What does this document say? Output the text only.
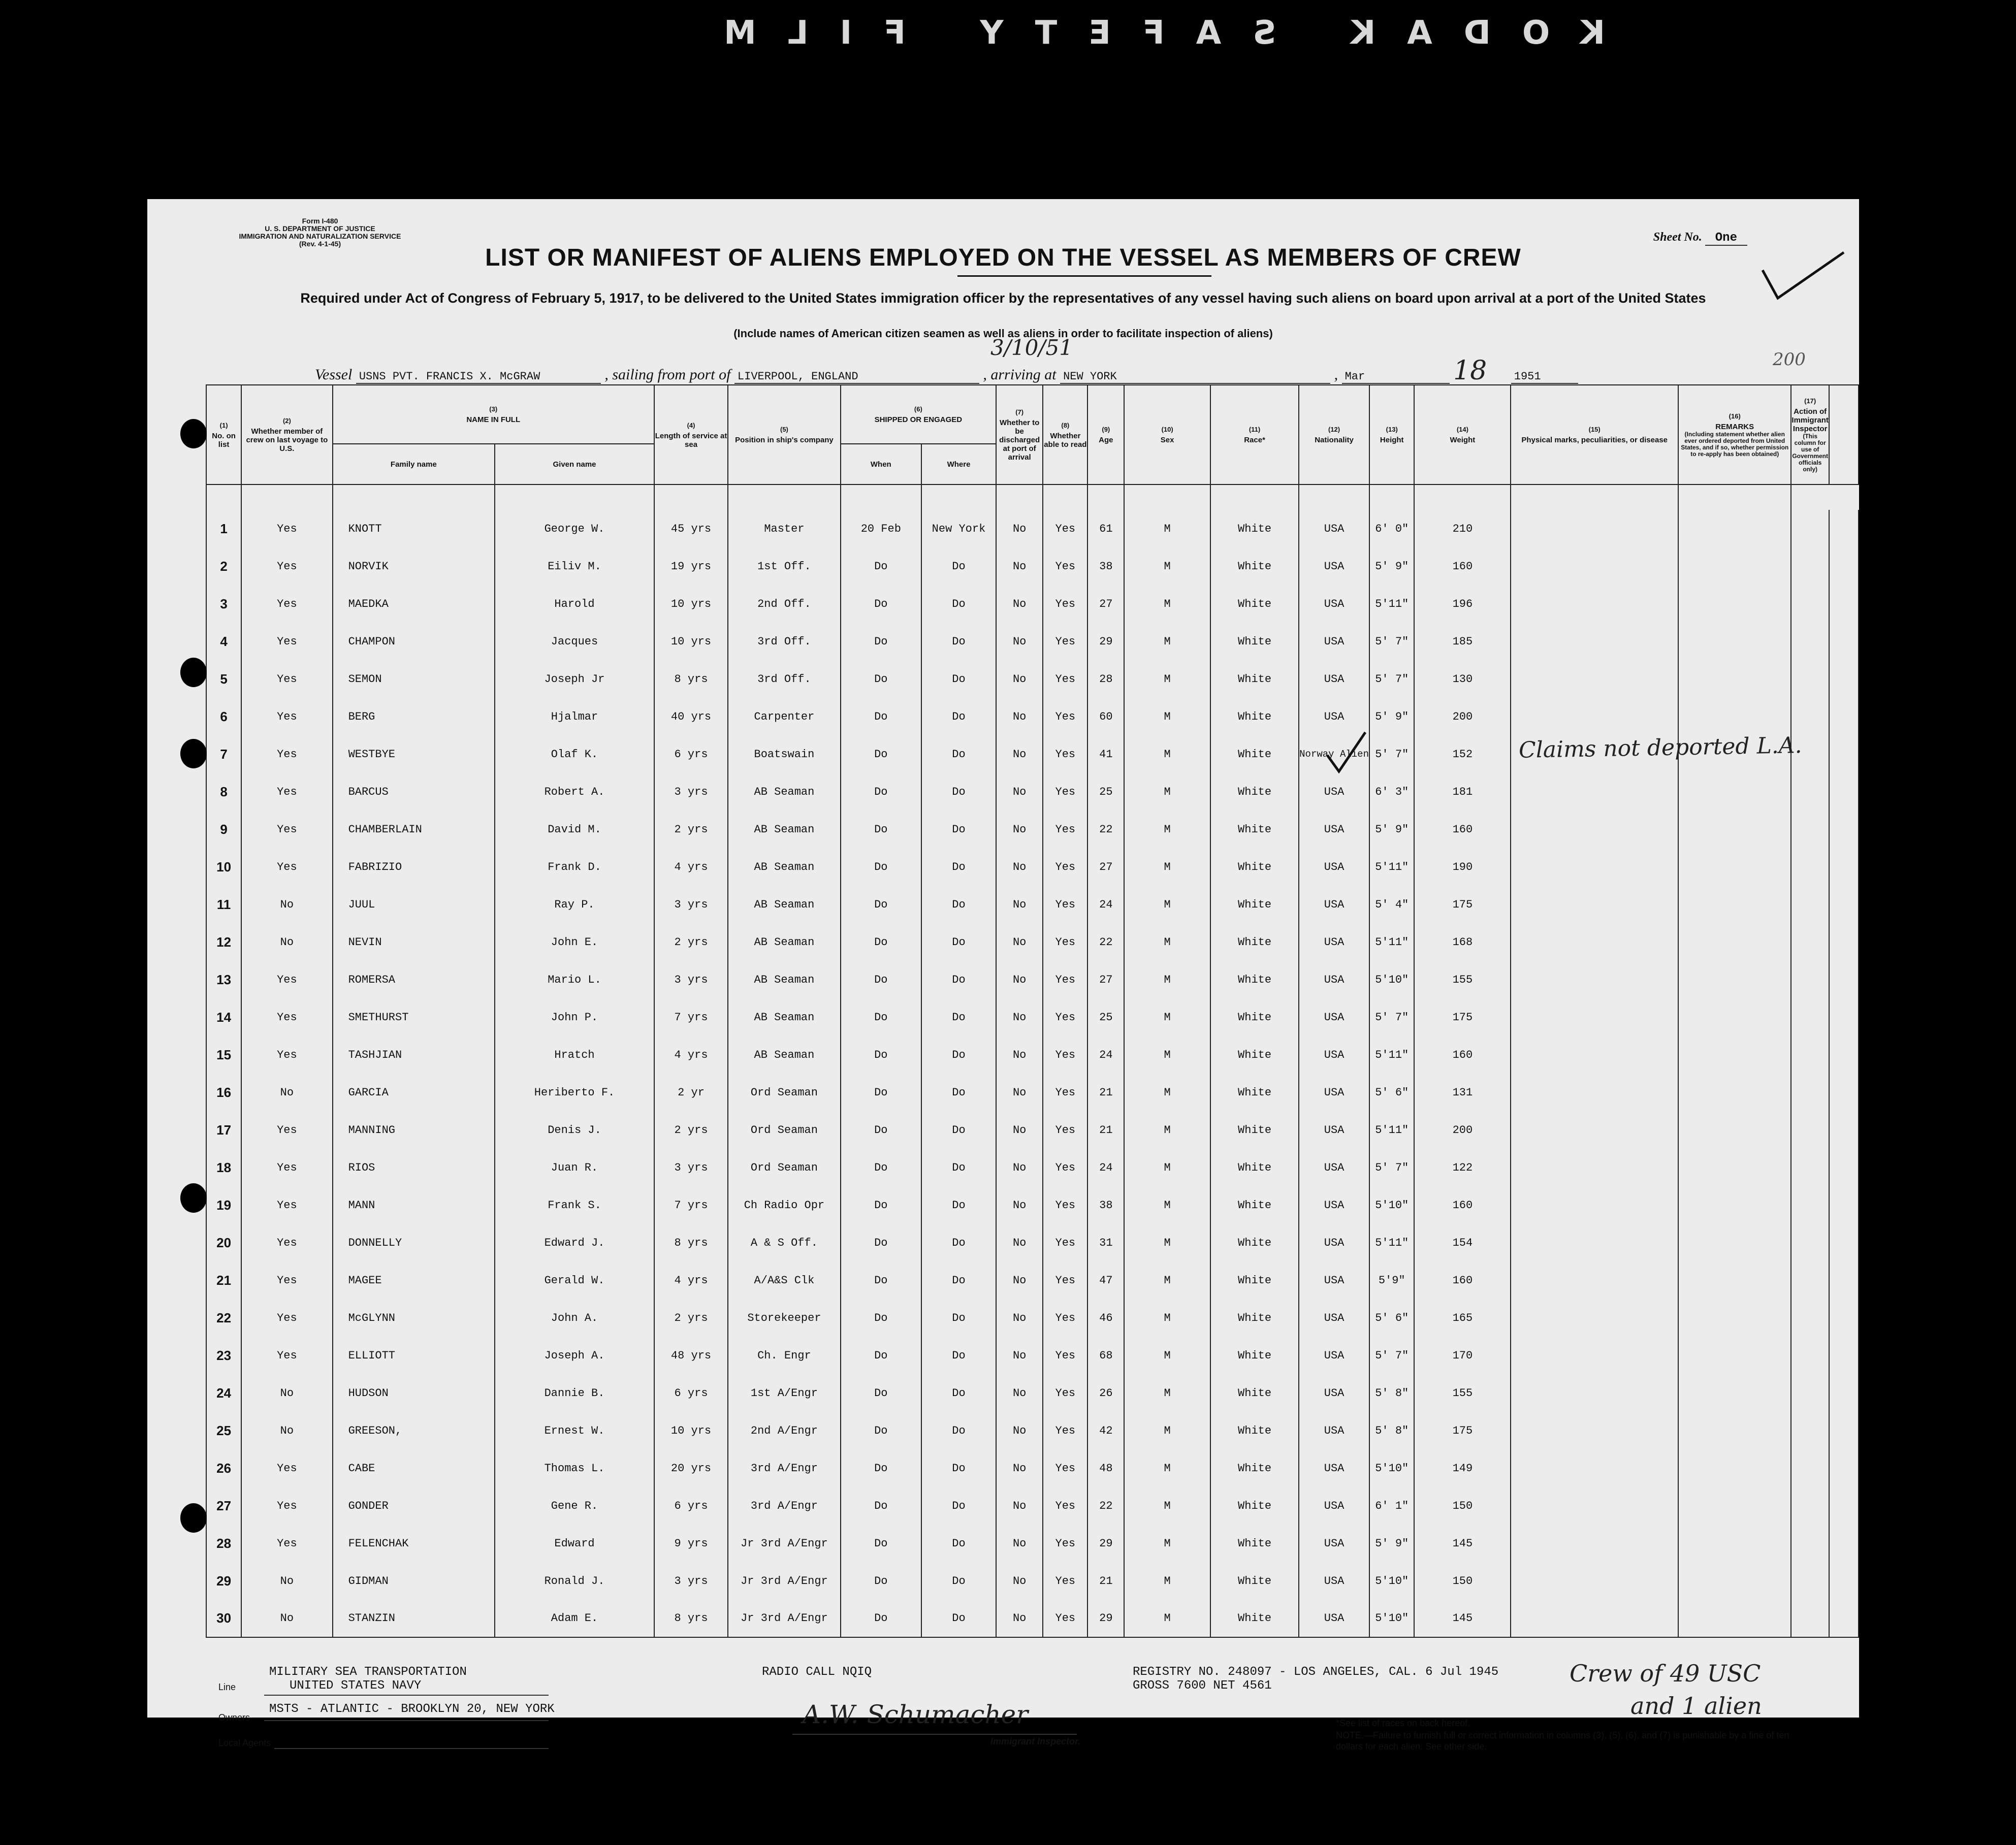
KODAK SAFETY FILM
Form I-480
U. S. DEPARTMENT OF JUSTICE
IMMIGRATION AND NATURALIZATION SERVICE
(Rev. 4-1-45)	Sheet No. One
LIST OR MANIFEST OF ALIENS EMPLOYED ON THE VESSEL AS MEMBERS OF CREW
Required under Act of Congress of February 5, 1917, to be delivered to the United States immigration officer by the representatives of any vessel having such aliens on board upon arrival at a port of the United States
(Include names of American citizen seamen as well as aliens in order to facilitate inspection of aliens)
3/10/51	200
Vessel USNS PVT. FRANCIS X. McGRAW	, sailing from port of LIVERPOOL, ENGLAND	, arriving at NEW YORK	, Mar	18 1951
(1)
No. on list	(2)
Whether member of crew on last voyage to U.S.	(3)
NAME IN FULL		(4)
Length of service at sea	(5)
Position in ship's company	(6)
SHIPPED OR ENGAGED		(7)
Whether to be discharged at port of arrival	(8)
Whether able to read	(9)
Age	(10)
Sex	(11)
Race*	(12)
Nationality	(13)
Height	(14)
Weight	(15)
Physical marks, peculiarities, or disease	(16)
REMARKS

(Including statement whether alien ever ordered deported from United States, and if so, whether permission to re-apply has been obtained)	(17)
Action of Immigrant Inspector

(This column for use of Government officials only)	

		Family name	Given name			When	Where												

1	Yes	KNOTT	George W.	45 yrs	Master	20 Feb	New York	No	Yes	61	M	White	USA	6' 0"	210				
2	Yes	NORVIK	Eiliv M.	19 yrs	1st Off.	Do	Do	No	Yes	38	M	White	USA	5' 9"	160				
3	Yes	MAEDKA	Harold	10 yrs	2nd Off.	Do	Do	No	Yes	27	M	White	USA	5'11"	196				
4	Yes	CHAMPON	Jacques	10 yrs	3rd Off.	Do	Do	No	Yes	29	M	White	USA	5' 7"	185				
5	Yes	SEMON	Joseph Jr	8 yrs	3rd Off.	Do	Do	No	Yes	28	M	White	USA	5' 7"	130				
6	Yes	BERG	Hjalmar	40 yrs	Carpenter	Do	Do	No	Yes	60	M	White	USA	5' 9"	200				
7	Yes	WESTBYE	Olaf K.	6 yrs	Boatswain	Do	Do	No	Yes	41	M	White	Norway Alien	5' 7"	152				
8	Yes	BARCUS	Robert A.	3 yrs	AB Seaman	Do	Do	No	Yes	25	M	White	USA	6' 3"	181				
9	Yes	CHAMBERLAIN	David M.	2 yrs	AB Seaman	Do	Do	No	Yes	22	M	White	USA	5' 9"	160				
10	Yes	FABRIZIO	Frank D.	4 yrs	AB Seaman	Do	Do	No	Yes	27	M	White	USA	5'11"	190				
11	No	JUUL	Ray P.	3 yrs	AB Seaman	Do	Do	No	Yes	24	M	White	USA	5' 4"	175				
12	No	NEVIN	John E.	2 yrs	AB Seaman	Do	Do	No	Yes	22	M	White	USA	5'11"	168				
13	Yes	ROMERSA	Mario L.	3 yrs	AB Seaman	Do	Do	No	Yes	27	M	White	USA	5'10"	155				
14	Yes	SMETHURST	John P.	7 yrs	AB Seaman	Do	Do	No	Yes	25	M	White	USA	5' 7"	175				
15	Yes	TASHJIAN	Hratch	4 yrs	AB Seaman	Do	Do	No	Yes	24	M	White	USA	5'11"	160				
16	No	GARCIA	Heriberto F.	2 yr	Ord Seaman	Do	Do	No	Yes	21	M	White	USA	5' 6"	131				
17	Yes	MANNING	Denis J.	2 yrs	Ord Seaman	Do	Do	No	Yes	21	M	White	USA	5'11"	200				
18	Yes	RIOS	Juan R.	3 yrs	Ord Seaman	Do	Do	No	Yes	24	M	White	USA	5' 7"	122				
19	Yes	MANN	Frank S.	7 yrs	Ch Radio Opr	Do	Do	No	Yes	38	M	White	USA	5'10"	160				
20	Yes	DONNELLY	Edward J.	8 yrs	A & S Off.	Do	Do	No	Yes	31	M	White	USA	5'11"	154				
21	Yes	MAGEE	Gerald W.	4 yrs	A/A&S Clk	Do	Do	No	Yes	47	M	White	USA	5'9"	160				
22	Yes	McGLYNN	John A.	2 yrs	Storekeeper	Do	Do	No	Yes	46	M	White	USA	5' 6"	165				
23	Yes	ELLIOTT	Joseph A.	48 yrs	Ch. Engr	Do	Do	No	Yes	68	M	White	USA	5' 7"	170				
24	No	HUDSON	Dannie B.	6 yrs	1st A/Engr	Do	Do	No	Yes	26	M	White	USA	5' 8"	155				
25	No	GREESON,	Ernest W.	10 yrs	2nd A/Engr	Do	Do	No	Yes	42	M	White	USA	5' 8"	175				
26	Yes	CABE	Thomas L.	20 yrs	3rd A/Engr	Do	Do	No	Yes	48	M	White	USA	5'10"	149				
27	Yes	GONDER	Gene R.	6 yrs	3rd A/Engr	Do	Do	No	Yes	22	M	White	USA	6' 1"	150				
28	Yes	FELENCHAK	Edward	9 yrs	Jr 3rd A/Engr	Do	Do	No	Yes	29	M	White	USA	5' 9"	145				
29	No	GIDMAN	Ronald J.	3 yrs	Jr 3rd A/Engr	Do	Do	No	Yes	21	M	White	USA	5'10"	150				
30	No	STANZIN	Adam E.	8 yrs	Jr 3rd A/Engr	Do	Do	No	Yes	29	M	White	USA	5'10"	145				
Claims not deported L.A.
MILITARY SEA TRANSPORTATION
Line	UNITED STATES NAVY
Owners
MSTS - ATLANTIC - BROOKLYN 20, NEW YORK
Local Agents
RADIO CALL NQIQ
A.W. Schumacher
Immigrant Inspector.
REGISTRY NO. 248097 - LOS ANGELES, CAL. 6 Jul 1945
GROSS 7600 NET 4561	Crew of 49 USC
and 1 alien
*See list of races on back hereof.
NOTE.—Failure to furnish full or correct information in columns (3), (5), (6), and (7) is punishable by a fine of ten dollars for each alien. See other side.
